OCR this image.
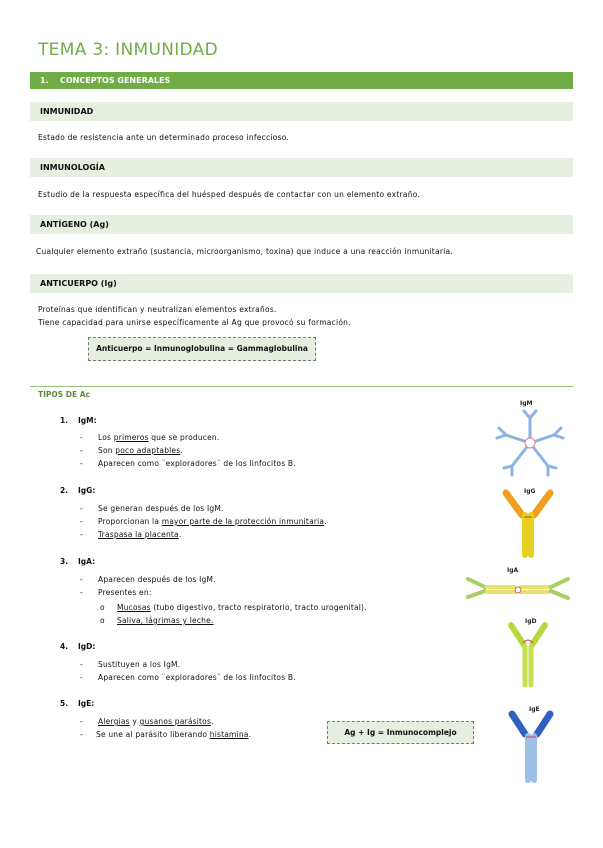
TEMA 3: INMUNIDAD
1. CONCEPTOS GENERALES
INMUNIDAD
Estado de resistencia ante un determinado proceso infeccioso.
INMUNOLOGÍA
Estudio de la respuesta específica del huésped después de contactar con un elemento extraño.
ANTÍGENO (Ag)
Cualquier elemento extraño (sustancia, microorganismo, toxina) que induce a una reacción inmunitaria.
ANTICUERPO (Ig)
Proteínas que identifican y neutralizan elementos extraños.
Tiene capacidad para unirse específicamente al Ag que provocó su formación.
Anticuerpo = Inmunoglobulina = Gammaglobulina
TIPOS DE Ac
1. IgM:
- Los primeros que se producen.
- Son poco adaptables.
- Aparecen como ¨exploradores¨ de los linfocitos B.
2. IgG:
- Se generan después de los IgM.
- Proporcionan la mayor parte de la protección inmunitaria.
- Traspasa la placenta.
3. IgA:
- Aparecen después de los IgM.
- Presentes en:
o Mucosas (tubo digestivo, tracto respiratorio, tracto urogenital).
o Saliva, lágrimas y leche.
4. IgD:
- Sustituyen a los IgM.
- Aparecen como ¨exploradores¨ de los linfocitos B.
5. IgE:
- Alergias y gusanos parásitos.
- Se une al parásito liberando histamina.	Ag + Ig = Inmunocomplejo
IgM
IgG
IgA
IgD
IgE
